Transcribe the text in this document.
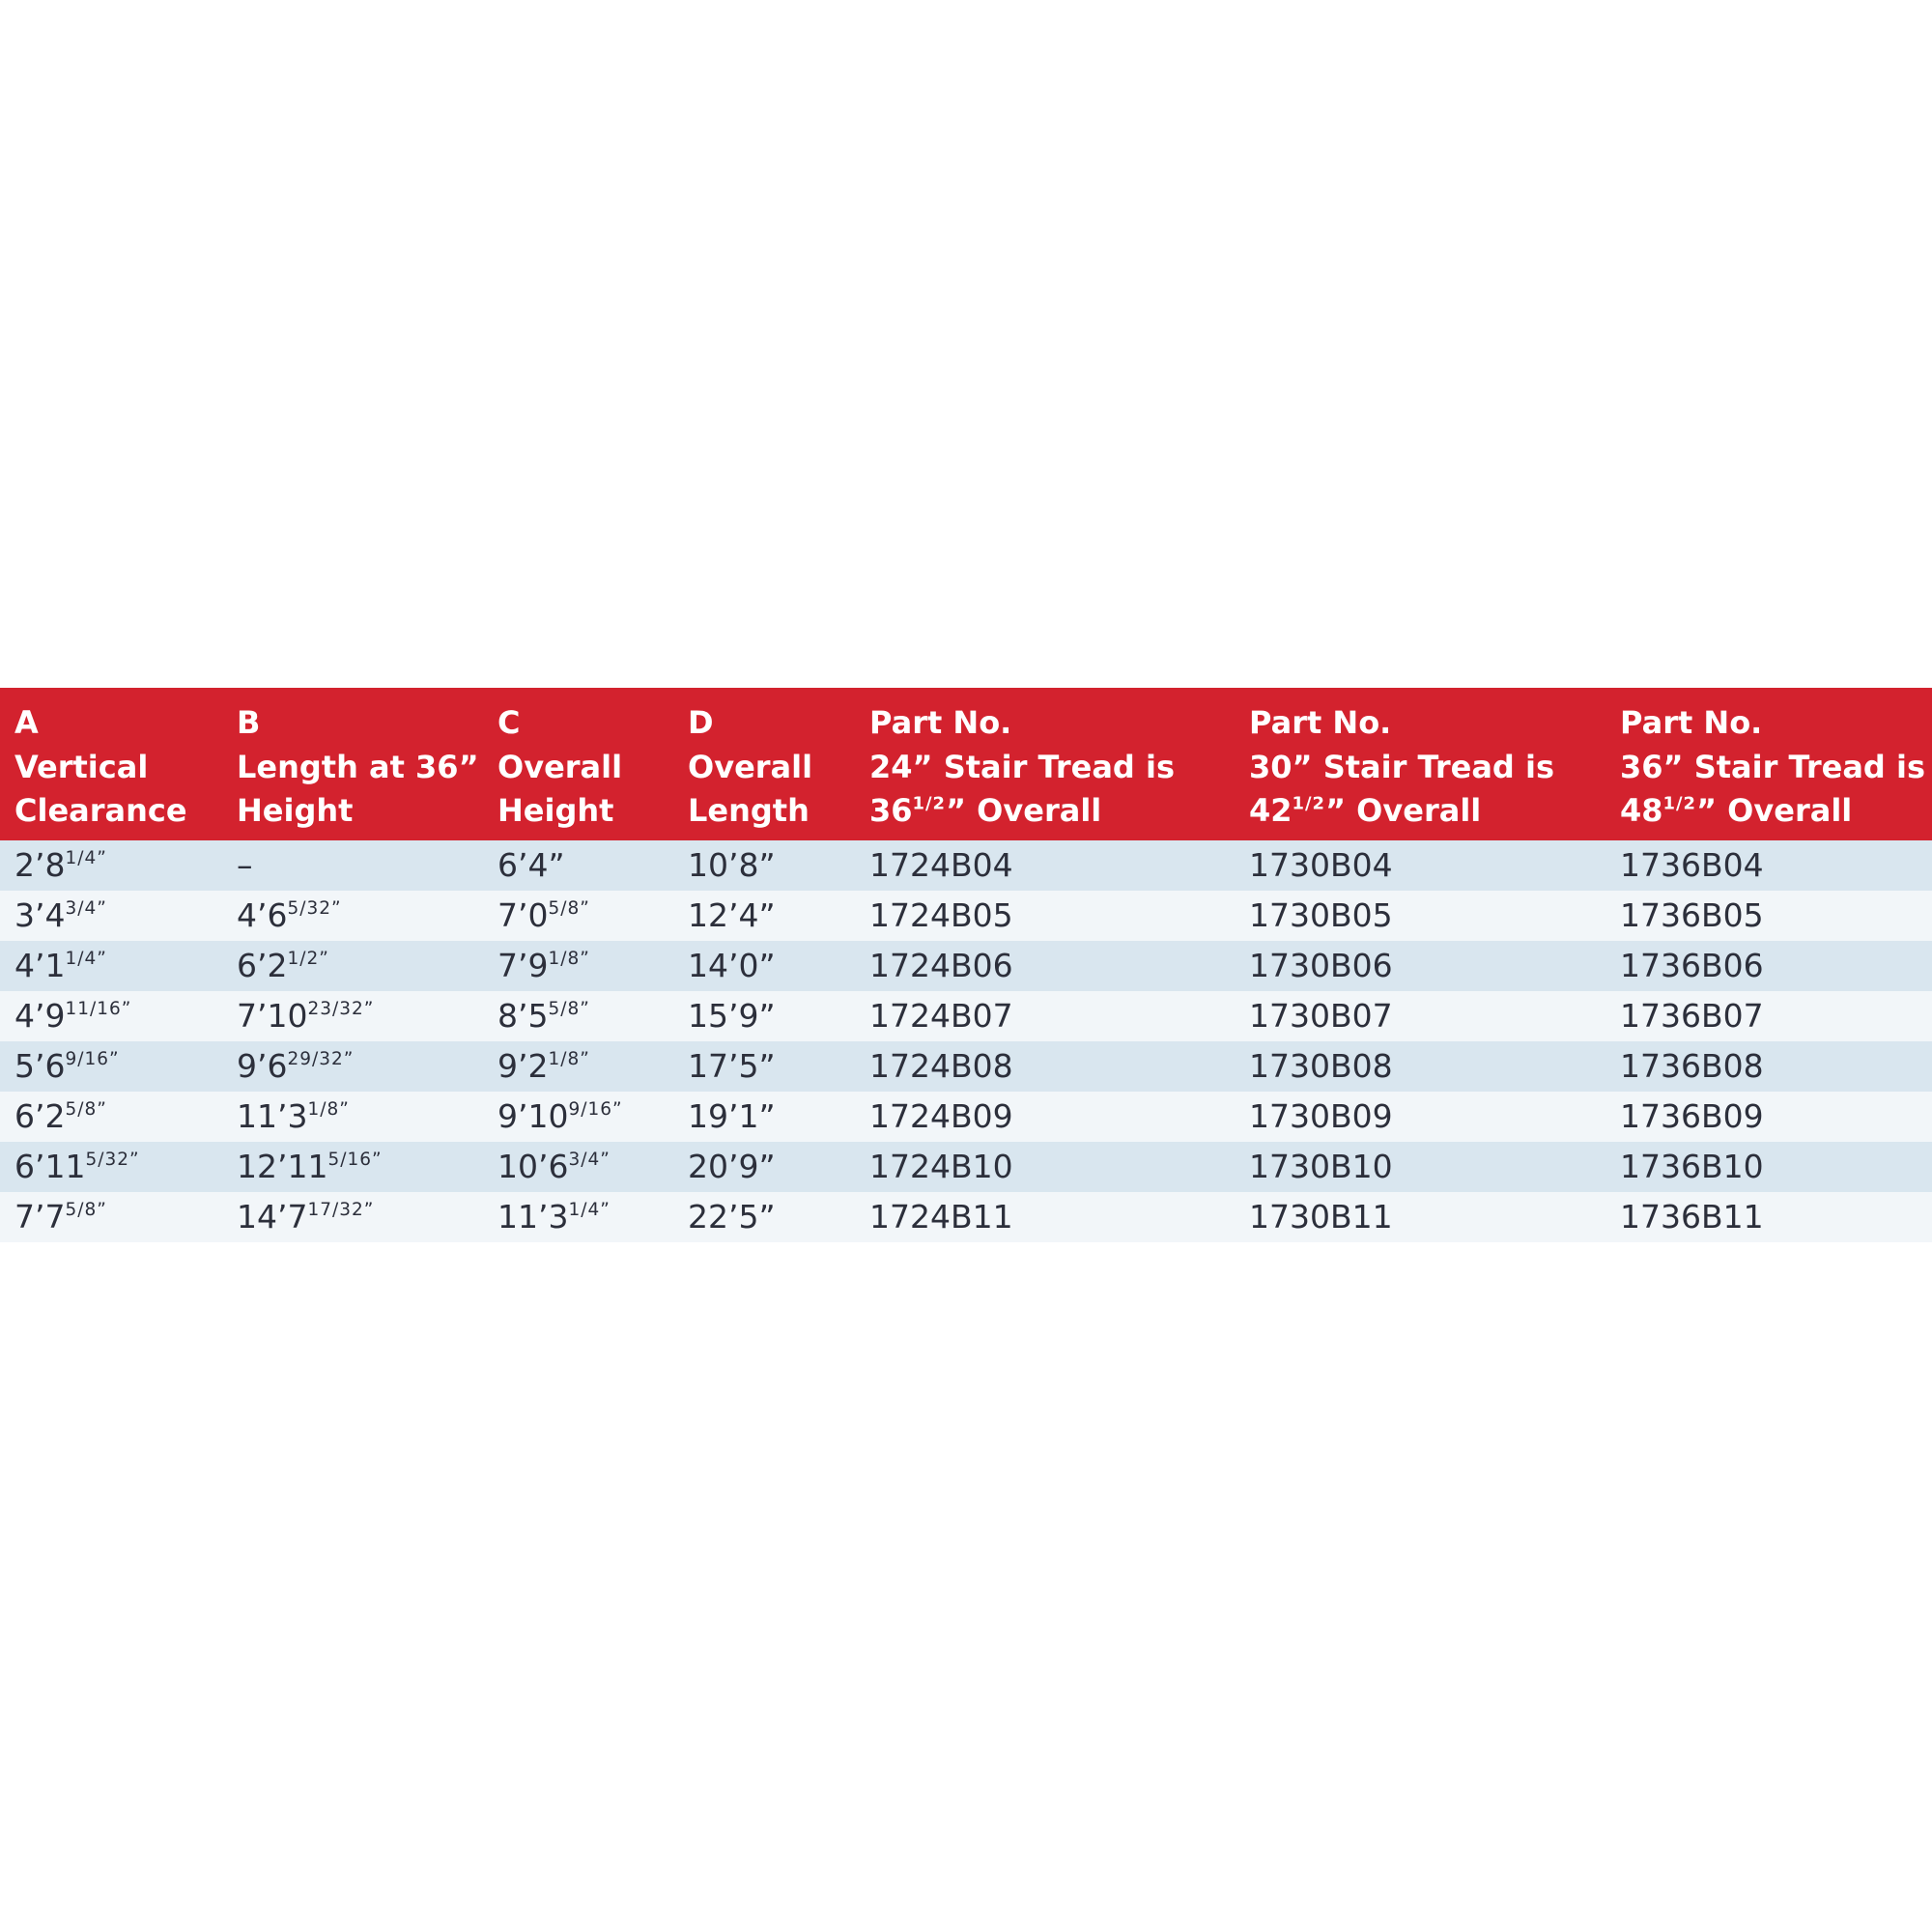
A
Vertical
Clearance	B
Length at 36”
Height	C
Overall
Height	D
Overall
Length	Part No.
24” Stair Tread is
$36^{1/2}$” Overall	Part No.
30” Stair Tread is
$42^{1/2}$” Overall	Part No.
36” Stair Tread is
$48^{1/2}$” Overall

$2’8^{1/4”}$	–	6’4”	10’8”	1724B04	1730B04	1736B04
$3’4^{3/4”}$	$4’6^{5/32”}$	$7’0^{5/8”}$	12’4”	1724B05	1730B05	1736B05
$4’1^{1/4”}$	$6’2^{1/2”}$	$7’9^{1/8”}$	14’0”	1724B06	1730B06	1736B06
$4’9^{11/16”}$	$7’10^{23/32”}$	$8’5^{5/8”}$	15’9”	1724B07	1730B07	1736B07
$5’6^{9/16”}$	$9’6^{29/32”}$	$9’2^{1/8”}$	17’5”	1724B08	1730B08	1736B08
$6’2^{5/8”}$	$11’3^{1/8”}$	$9’10^{9/16”}$	19’1”	1724B09	1730B09	1736B09
$6’11^{5/32”}$	$12’11^{5/16”}$	$10’6^{3/4”}$	20’9”	1724B10	1730B10	1736B10
$7’7^{5/8”}$	$14’7^{17/32”}$	$11’3^{1/4”}$	22’5”	1724B11	1730B11	1736B11
